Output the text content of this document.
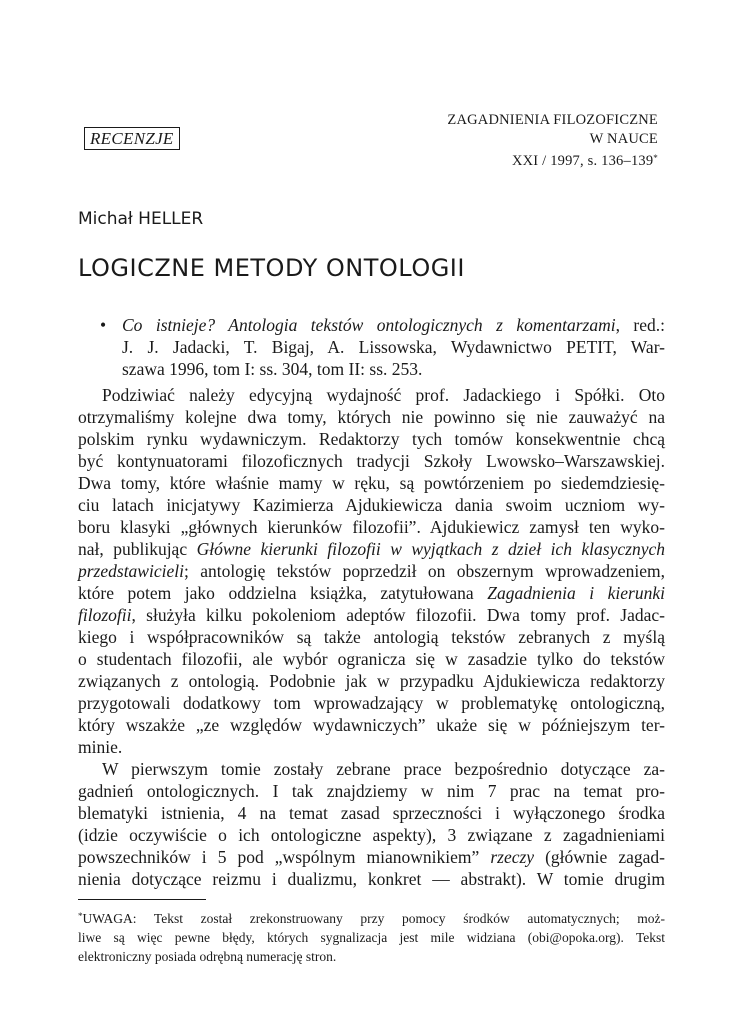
RECENZJE
ZAGADNIENIA FILOZOFICZNE
W NAUCE
XXI / 1997, s. 136–139*
Michał HELLER
LOGICZNE METODY ONTOLOGII
• Co istnieje? Antologia tekstów ontologicznych z komentarzami, red.:
J. J. Jadacki, T. Bigaj, A. Lissowska, Wydawnictwo PETIT, War-
szawa 1996, tom I: ss. 304, tom II: ss. 253.
Podziwiać należy edycyjną wydajność prof. Jadackiego i Spółki. Oto
otrzymaliśmy kolejne dwa tomy, których nie powinno się nie zauważyć na
polskim rynku wydawniczym. Redaktorzy tych tomów konsekwentnie chcą
być kontynuatorami filozoficznych tradycji Szkoły Lwowsko–Warszawskiej.
Dwa tomy, które właśnie mamy w ręku, są powtórzeniem po siedemdziesię-
ciu latach inicjatywy Kazimierza Ajdukiewicza dania swoim uczniom wy-
boru klasyki „głównych kierunków filozofii”. Ajdukiewicz zamysł ten wyko-
nał, publikując Główne kierunki filozofii w wyjątkach z dzieł ich klasycznych
przedstawicieli; antologię tekstów poprzedził on obszernym wprowadzeniem,
które potem jako oddzielna książka, zatytułowana Zagadnienia i kierunki
filozofii, służyła kilku pokoleniom adeptów filozofii. Dwa tomy prof. Jadac-
kiego i współpracowników są także antologią tekstów zebranych z myślą
o studentach filozofii, ale wybór ogranicza się w zasadzie tylko do tekstów
związanych z ontologią. Podobnie jak w przypadku Ajdukiewicza redaktorzy
przygotowali dodatkowy tom wprowadzający w problematykę ontologiczną,
który wszakże „ze względów wydawniczych” ukaże się w późniejszym ter-
minie.
W pierwszym tomie zostały zebrane prace bezpośrednio dotyczące za-
gadnień ontologicznych. I tak znajdziemy w nim 7 prac na temat pro-
blematyki istnienia, 4 na temat zasad sprzeczności i wyłączonego środka
(idzie oczywiście o ich ontologiczne aspekty), 3 związane z zagadnieniami
powszechników i 5 pod „wspólnym mianownikiem” rzeczy (głównie zagad-
nienia dotyczące reizmu i dualizmu, konkret — abstrakt). W tomie drugim
*UWAGA: Tekst został zrekonstruowany przy pomocy środków automatycznych; moż-
liwe są więc pewne błędy, których sygnalizacja jest mile widziana (obi@opoka.org). Tekst
elektroniczny posiada odrębną numerację stron.
